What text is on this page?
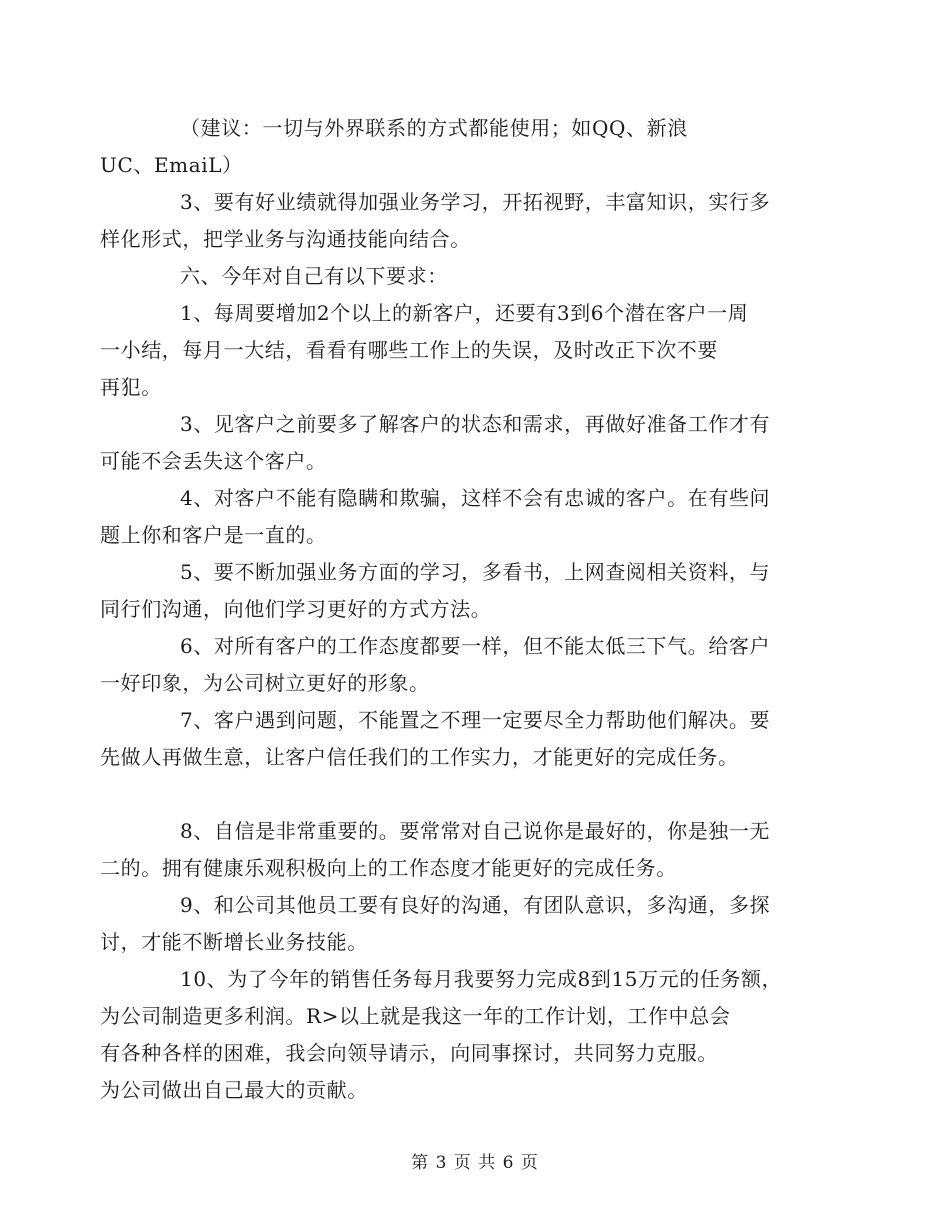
（建议：一切与外界联系的方式都能使用；如QQ、新浪
UC、EmaiL）

3、要有好业绩就得加强业务学习，开拓视野，丰富知识，实行多
样化形式，把学业务与沟通技能向结合。

六、今年对自己有以下要求：

1、每周要增加2个以上的新客户，还要有3到6个潜在客户一周
一小结，每月一大结，看看有哪些工作上的失误，及时改正下次不要
再犯。

3、见客户之前要多了解客户的状态和需求，再做好准备工作才有
可能不会丢失这个客户。

4、对客户不能有隐瞒和欺骗，这样不会有忠诚的客户。在有些问
题上你和客户是一直的。

5、要不断加强业务方面的学习，多看书，上网查阅相关资料，与
同行们沟通，向他们学习更好的方式方法。

6、对所有客户的工作态度都要一样，但不能太低三下气。给客户
一好印象，为公司树立更好的形象。

7、客户遇到问题，不能置之不理一定要尽全力帮助他们解决。要
先做人再做生意，让客户信任我们的工作实力，才能更好的完成任务。

8、自信是非常重要的。要常常对自己说你是最好的，你是独一无
二的。拥有健康乐观积极向上的工作态度才能更好的完成任务。

9、和公司其他员工要有良好的沟通，有团队意识，多沟通，多探
讨，才能不断增长业务技能。

10、为了今年的销售任务每月我要努力完成8到15万元的任务额，
为公司制造更多利润。R>以上就是我这一年的工作计划，工作中总会
有各种各样的困难，我会向领导请示，向同事探讨，共同努力克服。
为公司做出自己最大的贡献。

第 3 页 共 6 页
